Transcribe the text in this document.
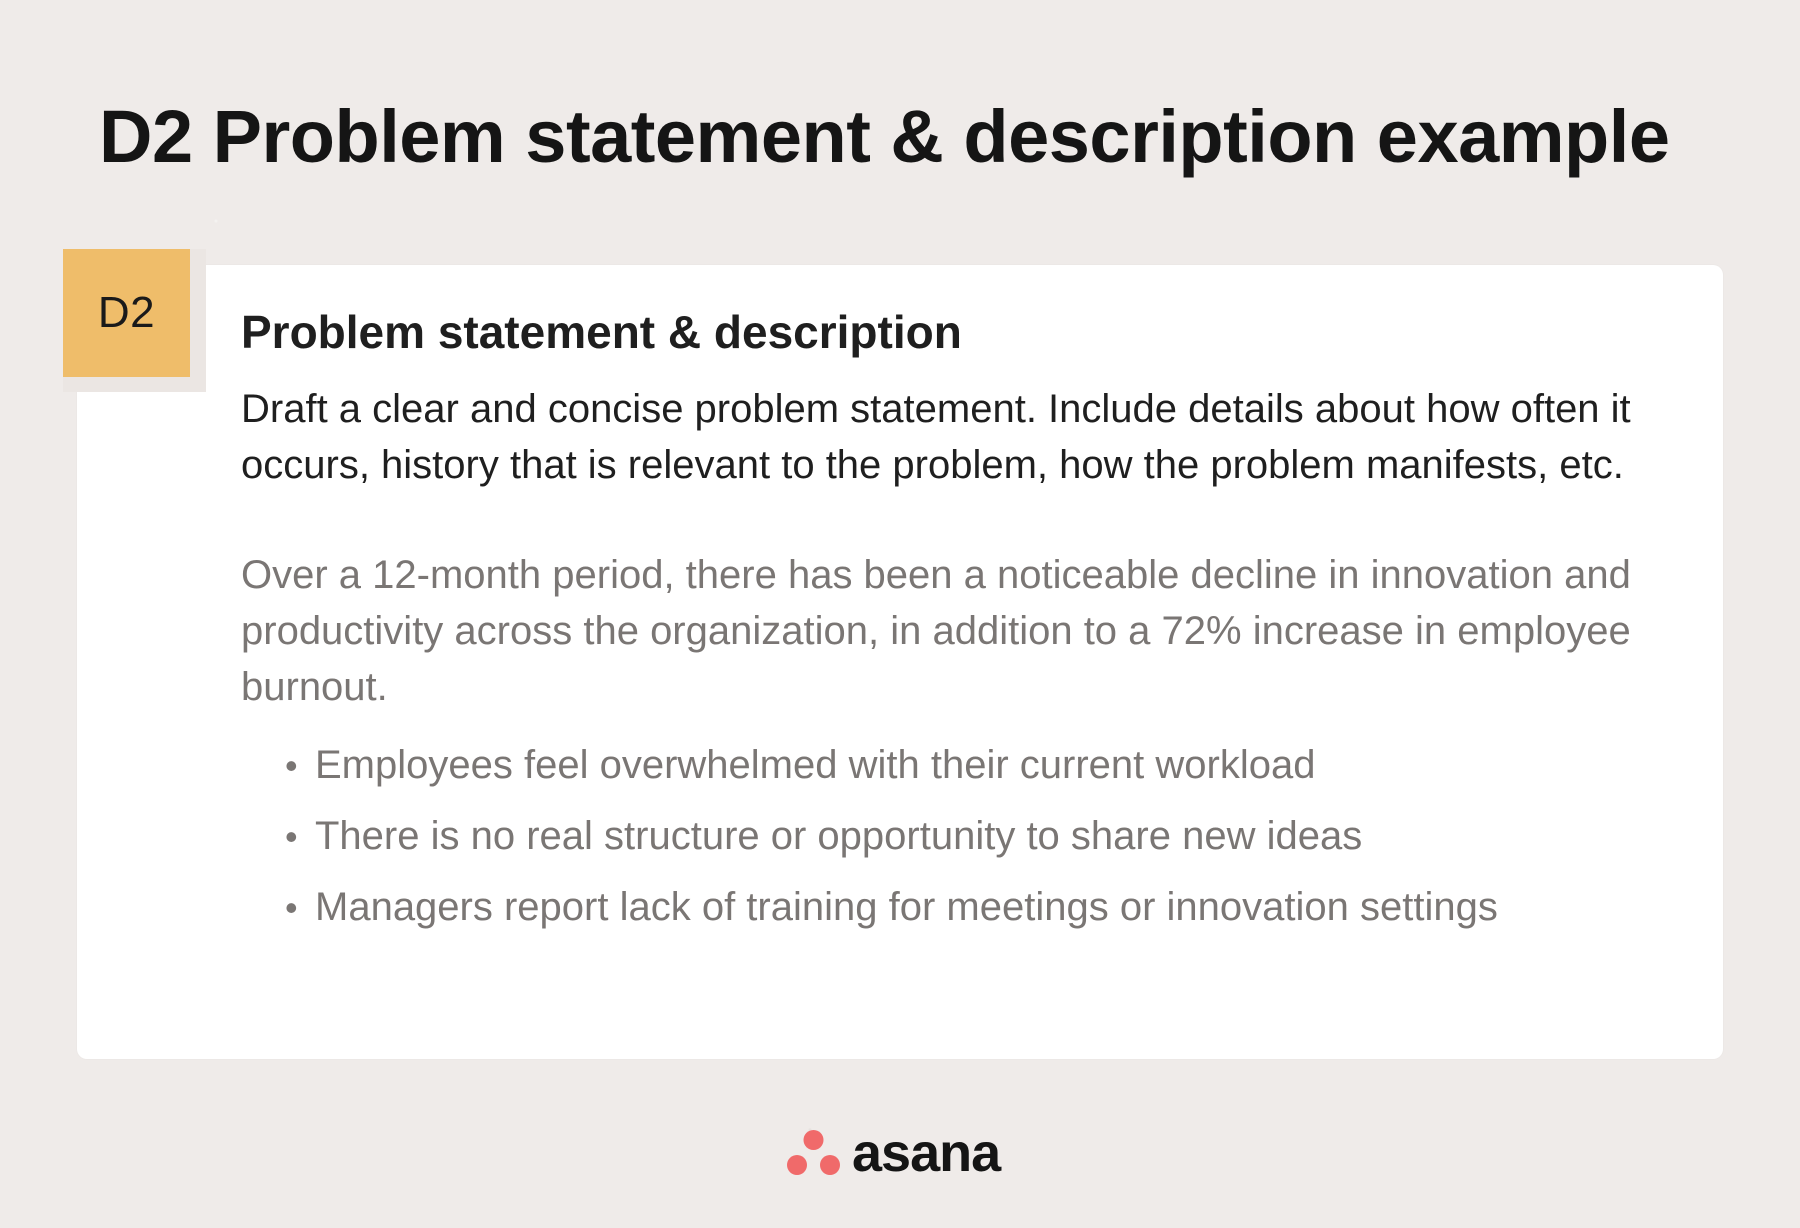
D2 Problem statement & description example
D2	Problem statement & description

Draft a clear and concise problem statement. Include details about how often it occurs, history that is relevant to the problem, how the problem manifests, etc.

Over a 12-month period, there has been a noticeable decline in innovation and productivity across the organization, in addition to a 72% increase in employee burnout.

• Employees feel overwhelmed with their current workload
• There is no real structure or opportunity to share new ideas
• Managers report lack of training for meetings or innovation settings
asana
